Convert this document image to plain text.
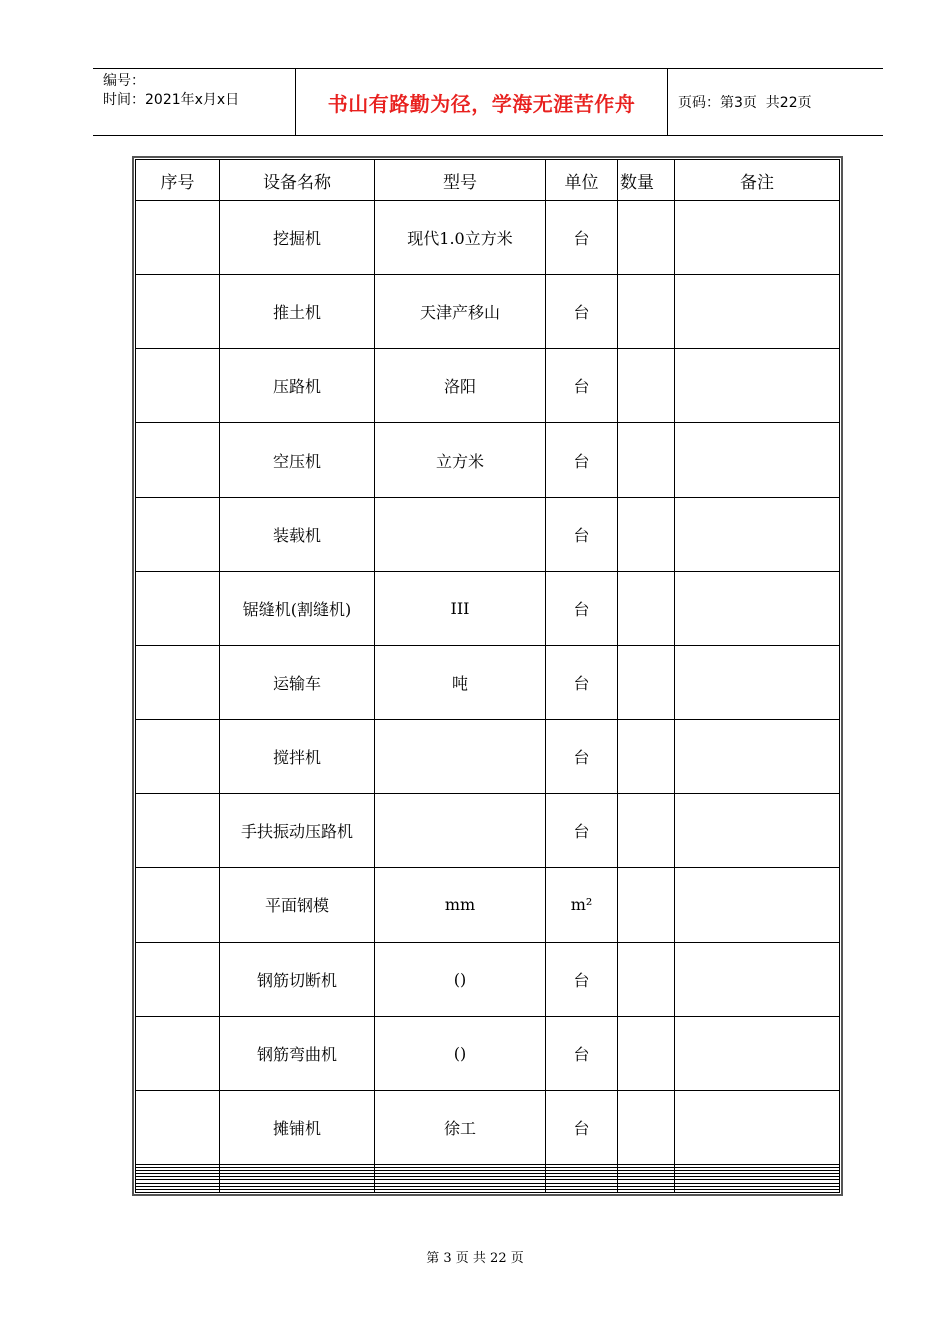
编号：
时间：2021年x月x日	书山有路勤为径，学海无涯苦作舟	页码：第3页  共22页
序号	设备名称	型号	单位	数量	备注
	挖掘机	现代1.0立方米	台		
	推土机	天津产移山	台		
	压路机	洛阳	台		
	空压机	立方米	台		
	装载机		台		
	锯缝机(割缝机)	III	台		
	运输车	吨	台		
	搅拌机		台		
	手扶振动压路机		台		
	平面钢模	mm	m²		
	钢筋切断机	()	台		
	钢筋弯曲机	()	台		
	摊铺机	徐工	台		

第 3 页 共 22 页
